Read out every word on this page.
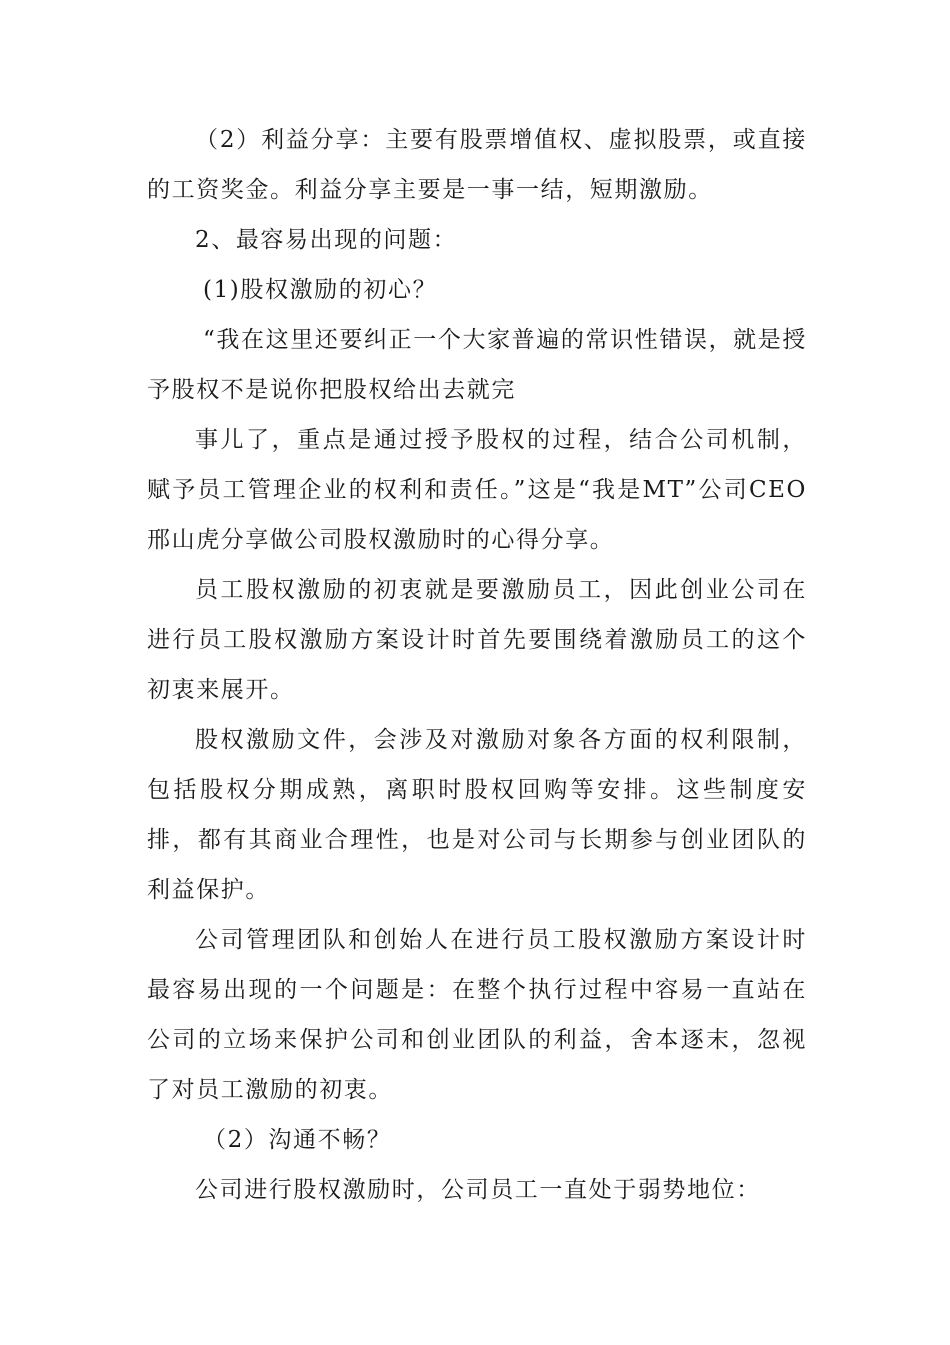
（2）利益分享：主要有股票增值权、虚拟股票，或直接的工资奖金。利益分享主要是一事一结，短期激励。

2、最容易出现的问题：

(1)股权激励的初心？

“我在这里还要纠正一个大家普遍的常识性错误，就是授予股权不是说你把股权给出去就完

事儿了，重点是通过授予股权的过程，结合公司机制，赋予员工管理企业的权利和责任。”这是“我是MT”公司CEO邢山虎分享做公司股权激励时的心得分享。

员工股权激励的初衷就是要激励员工，因此创业公司在进行员工股权激励方案设计时首先要围绕着激励员工的这个初衷来展开。

股权激励文件，会涉及对激励对象各方面的权利限制，包括股权分期成熟，离职时股权回购等安排。这些制度安排，都有其商业合理性，也是对公司与长期参与创业团队的利益保护。

公司管理团队和创始人在进行员工股权激励方案设计时最容易出现的一个问题是：在整个执行过程中容易一直站在公司的立场来保护公司和创业团队的利益，舍本逐末，忽视了对员工激励的初衷。

（2）沟通不畅？

公司进行股权激励时，公司员工一直处于弱势地位：
